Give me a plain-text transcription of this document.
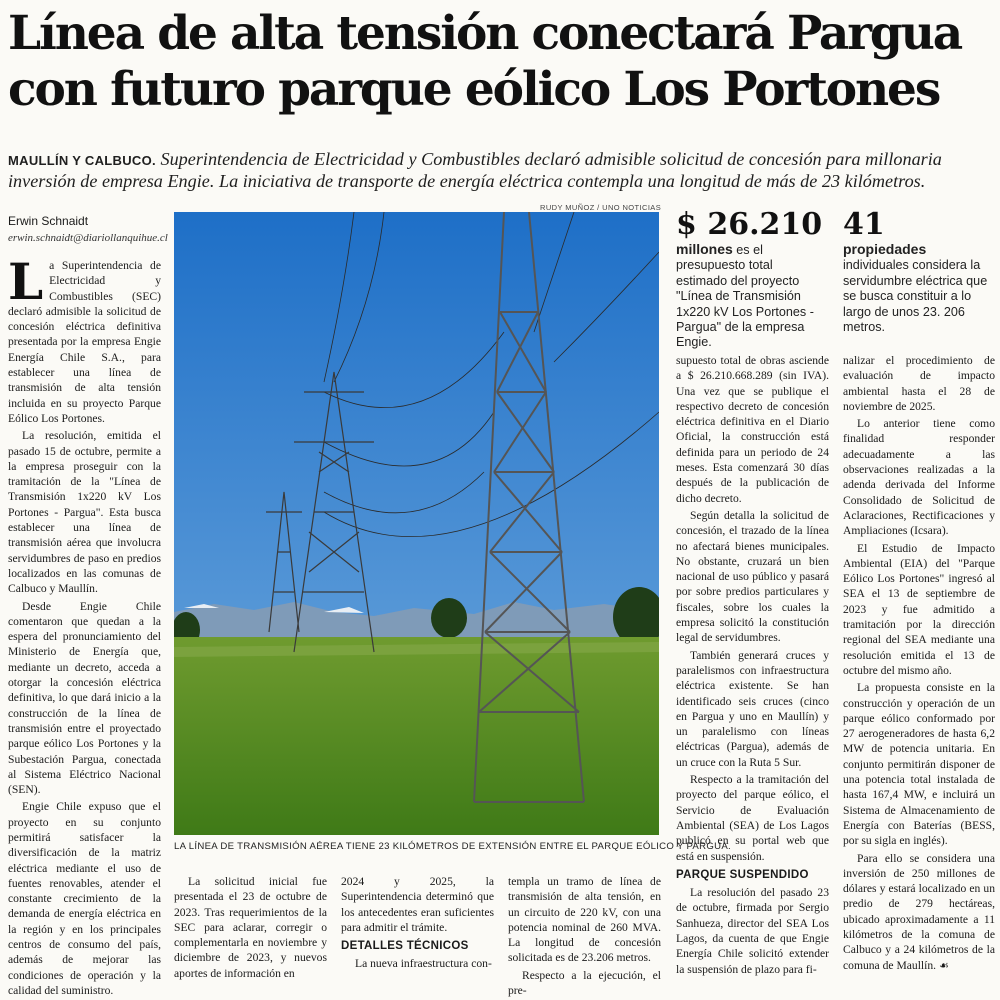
Línea de alta tensión conectará Pargua con futuro parque eólico Los Portones

MAULLÍN Y CALBUCO. Superintendencia de Electricidad y Combustibles declaró admisible solicitud de concesión para millonaria inversión de empresa Engie. La iniciativa de transporte de energía eléctrica contempla una longitud de más de 23 kilómetros.

Erwin Schnaidt
erwin.schnaidt@diariollanquihue.cl

La Superintendencia de Electricidad y Combustibles (SEC) declaró admisible la solicitud de concesión eléctrica definitiva presentada por la empresa Engie Energía Chile S.A., para establecer una línea de transmisión de alta tensión incluida en su proyecto Parque Eólico Los Portones.

La resolución, emitida el pasado 15 de octubre, permite a la empresa proseguir con la tramitación de la "Línea de Transmisión 1x220 kV Los Portones - Pargua". Esta busca establecer una línea de transmisión aérea que involucra servidumbres de paso en predios localizados en las comunas de Calbuco y Maullín.

Desde Engie Chile comentaron que quedan a la espera del pronunciamiento del Ministerio de Energía que, mediante un decreto, acceda a otorgar la concesión eléctrica definitiva, lo que dará inicio a la construcción de la línea de transmisión entre el proyectado parque eólico Los Portones y la Subestación Pargua, conectada al Sistema Eléctrico Nacional (SEN).

Engie Chile expuso que el proyecto en su conjunto permitirá satisfacer la diversificación de la matriz eléctrica mediante el uso de fuentes renovables, atender el constante crecimiento de la demanda de energía eléctrica en la región y en los principales centros de consumo del país, además de mejorar las condiciones de operación y la calidad del suministro.

RUDY MUÑOZ / UNO NOTICIAS
LA LÍNEA DE TRANSMISIÓN AÉREA TIENE 23 KILÓMETROS DE EXTENSIÓN ENTRE EL PARQUE EÓLICO Y PARGUA.
$ 26.210
millones es el presupuesto total estimado del proyecto "Línea de Transmisión 1x220 kV Los Portones - Pargua" de la empresa Engie.
41
propiedades individuales considera la servidumbre eléctrica que se busca constituir a lo largo de unos 23. 206 metros.

La solicitud inicial fue presentada el 23 de octubre de 2023. Tras requerimientos de la SEC para aclarar, corregir o complementarla en noviembre y diciembre de 2023, y nuevos aportes de información en

2024 y 2025, la Superintendencia determinó que los antecedentes eran suficientes para admitir el trámite.

DETALLES TÉCNICOS

La nueva infraestructura con-

templa un tramo de línea de transmisión de alta tensión, en un circuito de 220 kV, con una potencia nominal de 260 MVA. La longitud de concesión solicitada es de 23.206 metros.

Respecto a la ejecución, el pre-

supuesto total de obras asciende a $ 26.210.668.289 (sin IVA). Una vez que se publique el respectivo decreto de concesión eléctrica definitiva en el Diario Oficial, la construcción está definida para un periodo de 24 meses. Esta comenzará 30 días después de la publicación de dicho decreto.

Según detalla la solicitud de concesión, el trazado de la línea no afectará bienes municipales. No obstante, cruzará un bien nacional de uso público y pasará por sobre predios particulares y fiscales, sobre los cuales la empresa solicitó la constitución legal de servidumbres.

También generará cruces y paralelismos con infraestructura eléctrica existente. Se han identificado seis cruces (cinco en Pargua y uno en Maullín) y un paralelismo con líneas eléctricas (Pargua), además de un cruce con la Ruta 5 Sur.

Respecto a la tramitación del proyecto del parque eólico, el Servicio de Evaluación Ambiental (SEA) de Los Lagos publicó en su portal web que está en suspensión.

PARQUE SUSPENDIDO

La resolución del pasado 23 de octubre, firmada por Sergio Sanhueza, director del SEA Los Lagos, da cuenta de que Engie Energía Chile solicitó extender la suspensión de plazo para fi-

nalizar el procedimiento de evaluación de impacto ambiental hasta el 28 de noviembre de 2025.

Lo anterior tiene como finalidad responder adecuadamente a las observaciones realizadas a la adenda derivada del Informe Consolidado de Solicitud de Aclaraciones, Rectificaciones y Ampliaciones (Icsara).

El Estudio de Impacto Ambiental (EIA) del "Parque Eólico Los Portones" ingresó al SEA el 13 de septiembre de 2023 y fue admitido a tramitación por la dirección regional del SEA mediante una resolución emitida el 13 de octubre del mismo año.

La propuesta consiste en la construcción y operación de un parque eólico conformado por 27 aerogeneradores de hasta 6,2 MW de potencia unitaria. En conjunto permitirán disponer de una potencia total instalada de hasta 167,4 MW, e incluirá un Sistema de Almacenamiento de Energía con Baterías (BESS, por su sigla en inglés).

Para ello se considera una inversión de 250 millones de dólares y estará localizado en un predio de 279 hectáreas, ubicado aproximadamente a 11 kilómetros de la comuna de Calbuco y a 24 kilómetros de la comuna de Maullín. ☙
